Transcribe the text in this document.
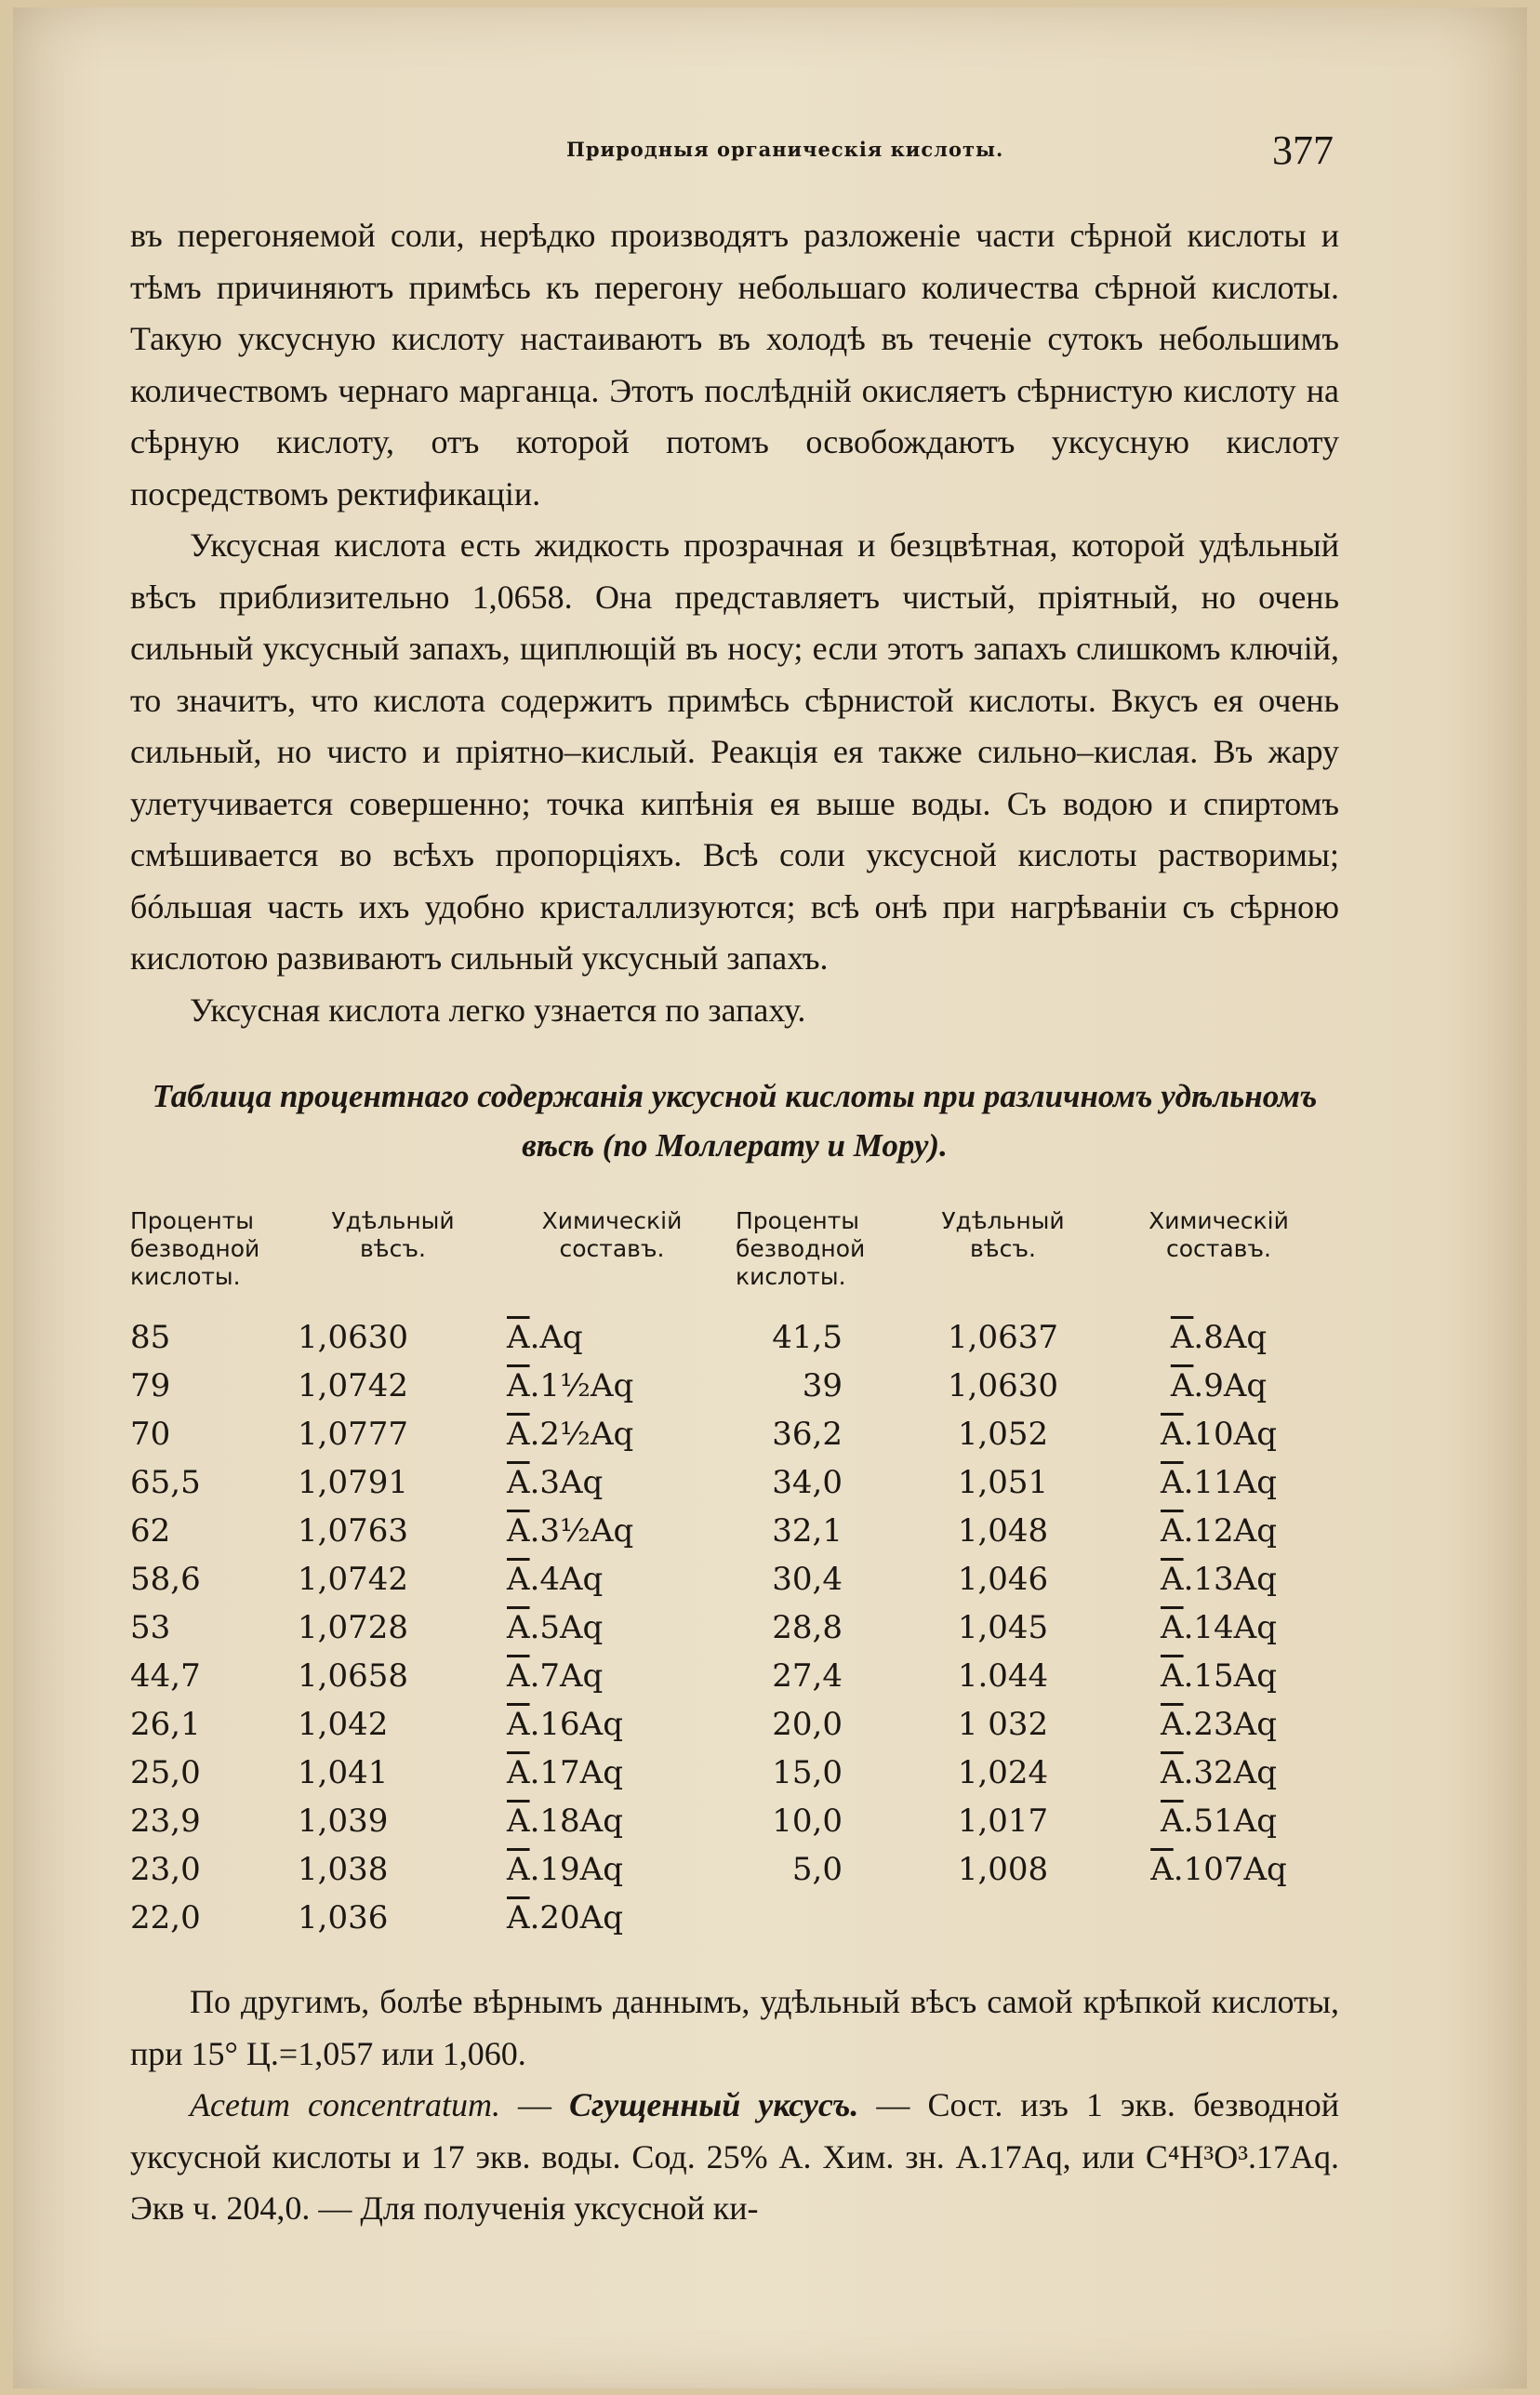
Природныя органическія кислоты.	377

въ перегоняемой соли, нерѣдко производятъ разложеніе части сѣрной кислоты и тѣмъ причиняютъ примѣсь къ перегону небольшаго количества сѣрной кислоты. Такую уксусную кислоту настаиваютъ въ холодѣ въ теченіе сутокъ небольшимъ количествомъ чернаго марганца. Этотъ послѣдній окисляетъ сѣрнистую кислоту на сѣрную кислоту, отъ которой потомъ освобождаютъ уксусную кислоту посредствомъ ректификаціи.

Уксусная кислота есть жидкость прозрачная и безцвѣтная, которой удѣльный вѣсъ приблизительно 1,0658. Она представляетъ чистый, пріятный, но очень сильный уксусный запахъ, щиплющій въ носу; если этотъ запахъ слишкомъ ключій, то значитъ, что кислота содержитъ примѣсь сѣрнистой кислоты. Вкусъ ея очень сильный, но чисто и пріятно–кислый. Реакція ея также сильно–кислая. Въ жару улетучивается совершенно; точка кипѣнія ея выше воды. Съ водою и спиртомъ смѣшивается во всѣхъ пропорціяхъ. Всѣ соли уксусной кислоты растворимы; бóльшая часть ихъ удобно кристаллизуются; всѣ онѣ при нагрѣваніи съ сѣрною кислотою развиваютъ сильный уксусный запахъ.

Уксусная кислота легко узнается по запаху.

Таблица процентнаго содержанія уксусной кислоты при различномъ удѣльномъ вѣсѣ (по Моллерату и Мору).

Проценты безводной кислоты.	Удѣльный вѣсъ.	Химическій составъ.	Проценты безводной кислоты.	Удѣльный вѣсъ.	Химическій составъ.
85	1,0630	$\overline{A}.Aq$	41,5	1,0637	$\overline{A}.8Aq$
79	1,0742	$\overline{A}.1\frac{1}{2}Aq$	39	1,0630	$\overline{A}.9Aq$
70	1,0777	$\overline{A}.2\frac{1}{2}Aq$	36,2	1,052	$\overline{A}.10Aq$
65,5	1,0791	$\overline{A}.3Aq$	34,0	1,051	$\overline{A}.11Aq$
62	1,0763	$\overline{A}.3\frac{1}{2}Aq$	32,1	1,048	$\overline{A}.12Aq$
58,6	1,0742	$\overline{A}.4Aq$	30,4	1,046	$\overline{A}.13Aq$
53	1,0728	$\overline{A}.5Aq$	28,8	1,045	$\overline{A}.14Aq$
44,7	1,0658	$\overline{A}.7Aq$	27,4	1.044	$\overline{A}.15Aq$
26,1	1,042	$\overline{A}.16Aq$	20,0	1 032	$\overline{A}.23Aq$
25,0	1,041	$\overline{A}.17Aq$	15,0	1,024	$\overline{A}.32Aq$
23,9	1,039	$\overline{A}.18Aq$	10,0	1,017	$\overline{A}.51Aq$
23,0	1,038	$\overline{A}.19Aq$	5,0	1,008	$\overline{A}.107Aq$
22,0	1,036	$\overline{A}.20Aq$			

По другимъ, болѣе вѣрнымъ даннымъ, удѣльный вѣсъ самой крѣпкой кислоты, при 15° Ц.=1,057 или 1,060.

Acetum concentratum. — Сгущенный уксусъ. — Сост. изъ 1 экв. безводной уксусной кислоты и 17 экв. воды. Сод. 25% A. Хим. зн. A.17Aq, или C⁴H³O³.17Aq. Экв ч. 204,0. — Для полученія уксусной ки-
